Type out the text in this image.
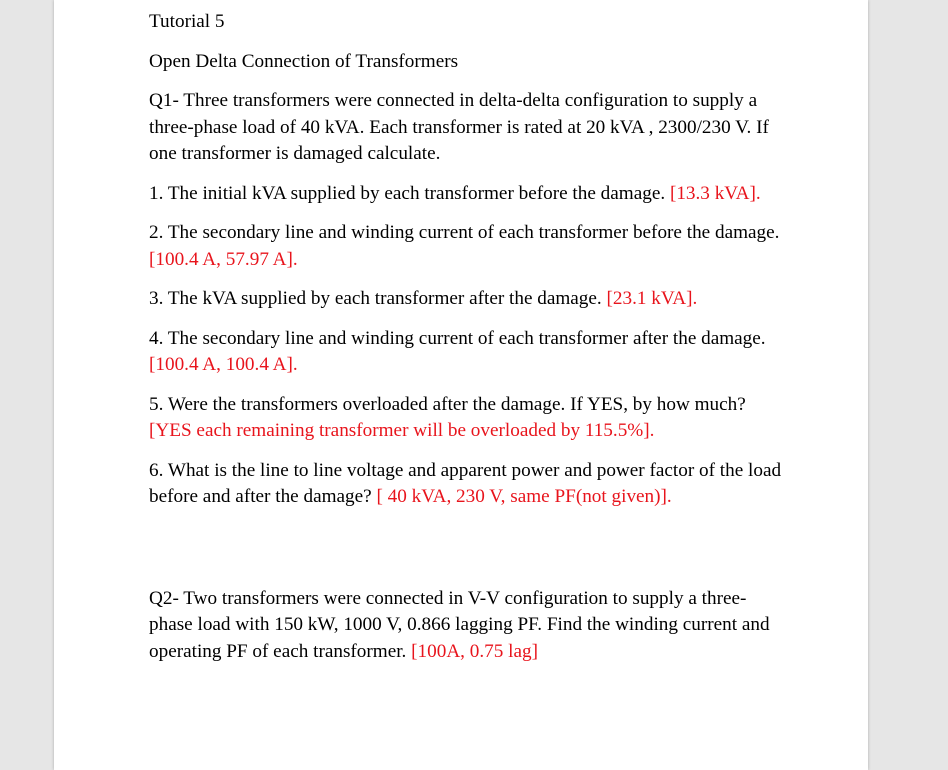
Tutorial 5

Open Delta Connection of Transformers

Q1- Three transformers were connected in delta-delta configuration to supply a three-phase load of 40 kVA. Each transformer is rated at 20 kVA , 2300/230 V. If one transformer is damaged calculate.

1. The initial kVA supplied by each transformer before the damage. [13.3 kVA].

2. The secondary line and winding current of each transformer before the damage. [100.4 A, 57.97 A].

3. The kVA supplied by each transformer after the damage. [23.1 kVA].

4. The secondary line and winding current of each transformer after the damage. [100.4 A, 100.4 A].

5. Were the transformers overloaded after the damage. If YES, by how much? [YES each remaining transformer will be overloaded by 115.5%].

6. What is the line to line voltage and apparent power and power factor of the load before and after the damage? [ 40 kVA, 230 V, same PF(not given)].

Q2- Two transformers were connected in V-V configuration to supply a three-phase load with 150 kW, 1000 V, 0.866 lagging PF. Find the winding current and operating PF of each transformer. [100A, 0.75 lag]
